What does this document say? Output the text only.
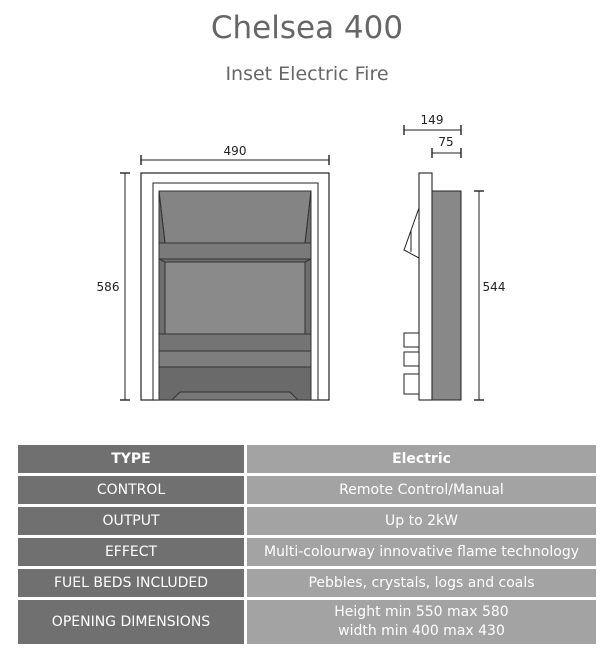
Chelsea 400
Inset Electric Fire
490
586
149
75
544
TYPE	Electric
CONTROL	Remote Control/Manual
OUTPUT	Up to 2kW
EFFECT	Multi-colourway innovative flame technology
FUEL BEDS INCLUDED	Pebbles, crystals, logs and coals
OPENING DIMENSIONS	Height min 550 max 580
width min 400 max 430
